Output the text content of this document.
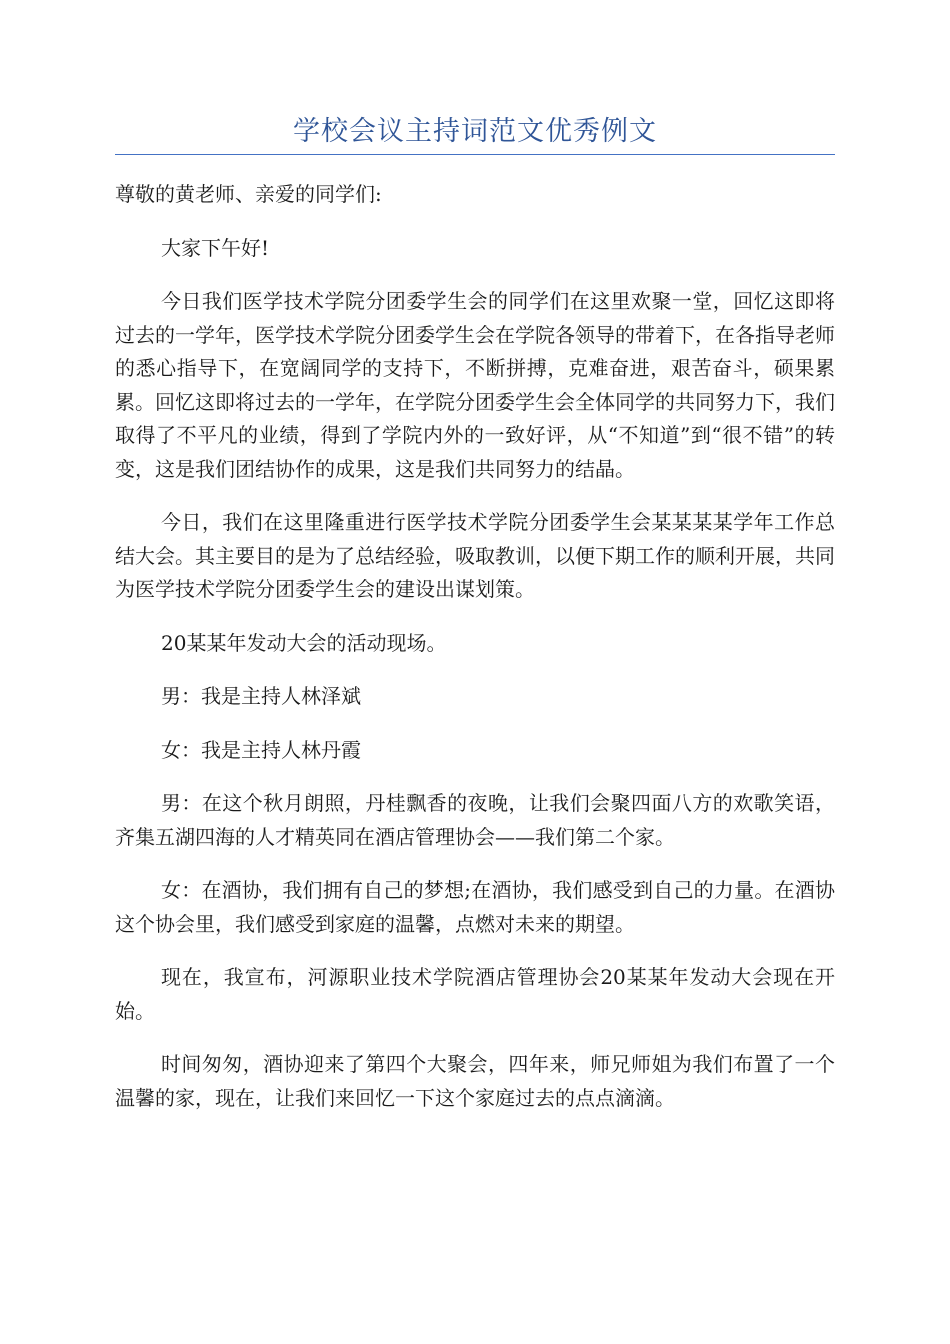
学校会议主持词范文优秀例文

尊敬的黄老师、亲爱的同学们:

大家下午好!

今日我们医学技术学院分团委学生会的同学们在这里欢聚一堂，回忆这即将过去的一学年，医学技术学院分团委学生会在学院各领导的带着下，在各指导老师的悉心指导下，在宽阔同学的支持下，不断拼搏，克难奋进，艰苦奋斗，硕果累累。回忆这即将过去的一学年，在学院分团委学生会全体同学的共同努力下，我们取得了不平凡的业绩，得到了学院内外的一致好评，从“不知道”到“很不错”的转变，这是我们团结协作的成果，这是我们共同努力的结晶。

今日，我们在这里隆重进行医学技术学院分团委学生会某某某某学年工作总结大会。其主要目的是为了总结经验，吸取教训，以便下期工作的顺利开展，共同为医学技术学院分团委学生会的建设出谋划策。

20某某年发动大会的活动现场。

男：我是主持人林泽斌

女：我是主持人林丹霞

男：在这个秋月朗照，丹桂飘香的夜晚，让我们会聚四面八方的欢歌笑语，齐集五湖四海的人才精英同在酒店管理协会——我们第二个家。

女：在酒协，我们拥有自己的梦想;在酒协，我们感受到自己的力量。在酒协这个协会里，我们感受到家庭的温馨，点燃对未来的期望。

现在，我宣布，河源职业技术学院酒店管理协会20某某年发动大会现在开始。

时间匆匆，酒协迎来了第四个大聚会，四年来，师兄师姐为我们布置了一个温馨的家，现在，让我们来回忆一下这个家庭过去的点点滴滴。
